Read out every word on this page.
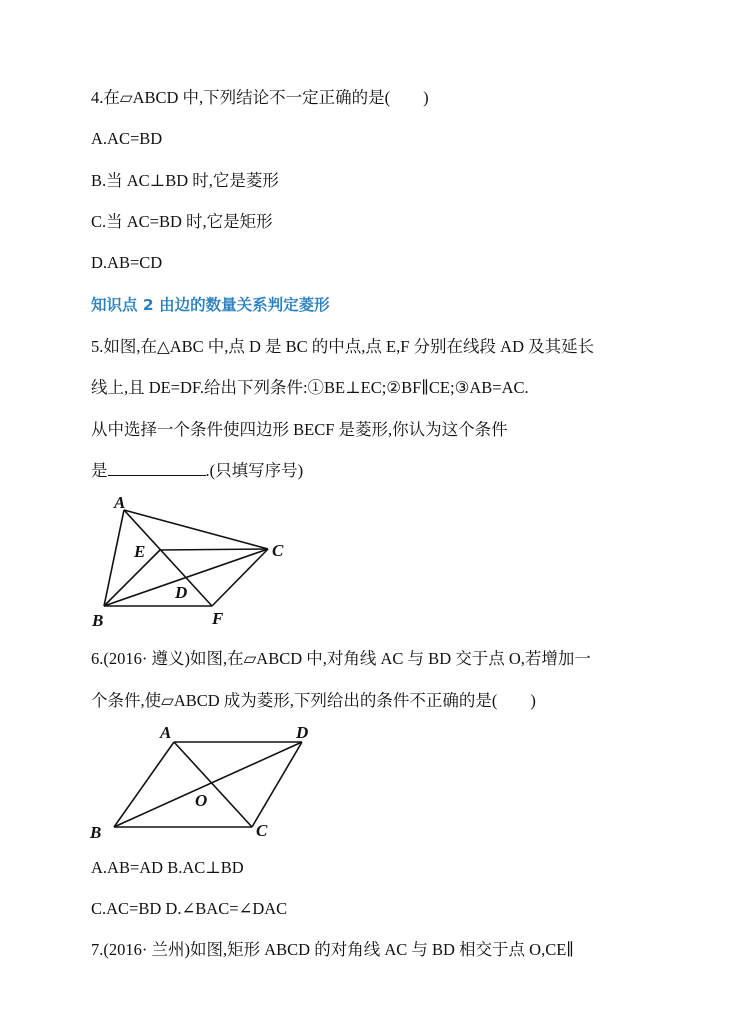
4.在▱ABCD 中,下列结论不一定正确的是(　　)
A.AC=BD
B.当 AC⊥BD 时,它是菱形
C.当 AC=BD 时,它是矩形
D.AB=CD
知识点 2 由边的数量关系判定菱形
5.如图,在△ABC 中,点 D 是 BC 的中点,点 E,F 分别在线段 AD 及其延长
线上,且 DE=DF.给出下列条件:①BE⊥EC;②BF∥CE;③AB=AC.
从中选择一个条件使四边形 BECF 是菱形,你认为这个条件
是	.(只填写序号)
A
E	C
D
B	F
6.(2016· 遵义)如图,在▱ABCD 中,对角线 AC 与 BD 交于点 O,若增加一
个条件,使▱ABCD 成为菱形,下列给出的条件不正确的是(　　)
A	D
O
B	C
A.AB=AD B.AC⊥BD
C.AC=BD D.∠BAC=∠DAC
7.(2016· 兰州)如图,矩形 ABCD 的对角线 AC 与 BD 相交于点 O,CE∥
